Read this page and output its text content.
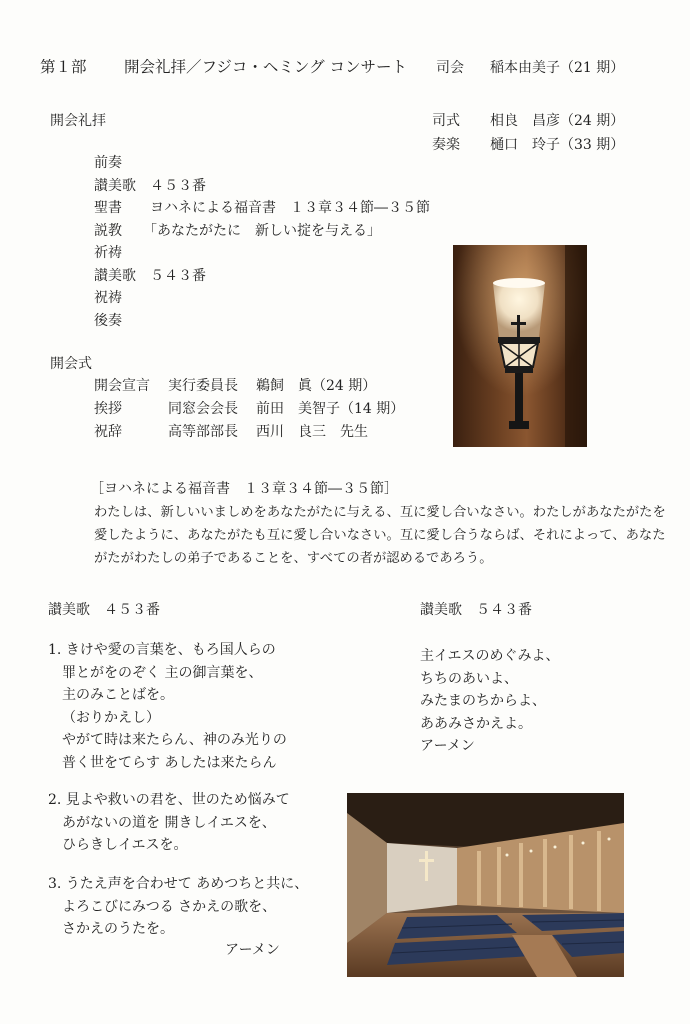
第１部 開会礼拝／フジコ・ヘミング コンサート 司会 稲本由美子（21 期）
開会礼拝	司式 相良　昌彦（24 期）
奏楽 樋口　玲子（33 期）
前奏
讃美歌　４５３番
聖書　　ヨハネによる福音書　１３章３４節―３５節
説教　　「あなたがたに　新しい掟を与える」
祈祷
讃美歌　５４３番
祝祷
後奏
開会式
開会宣言 実行委員長 鵜飼　眞（24 期）
挨拶	同窓会会長 前田　美智子（14 期）
祝辞	高等部部長 西川　良三　先生
［ヨハネによる福音書　１３章３４節―３５節］
わたしは、新しいいましめをあなたがたに与える、互に愛し合いなさい。わたしがあなたがたを
愛したように、あなたがたも互に愛し合いなさい。互に愛し合うならば、それによって、あなた
がたがわたしの弟子であることを、すべての者が認めるであろう。
讃美歌　４５３番
1. きけや愛の言葉を、もろ国人らの
罪とがをのぞく 主の御言葉を、
主のみことばを。
（おりかえし）
やがて時は来たらん、神のみ光りの
普く世をてらす あしたは来たらん
2. 見よや救いの君を、世のため悩みて
あがないの道を 開きしイエスを、
ひらきしイエスを。
3. うたえ声を合わせて あめつちと共に、
よろこびにみつる さかえの歌を、
さかえのうたを。
アーメン
讃美歌　５４３番
主イエスのめぐみよ、
ちちのあいよ、
みたまのちからよ、
ああみさかえよ。
アーメン
